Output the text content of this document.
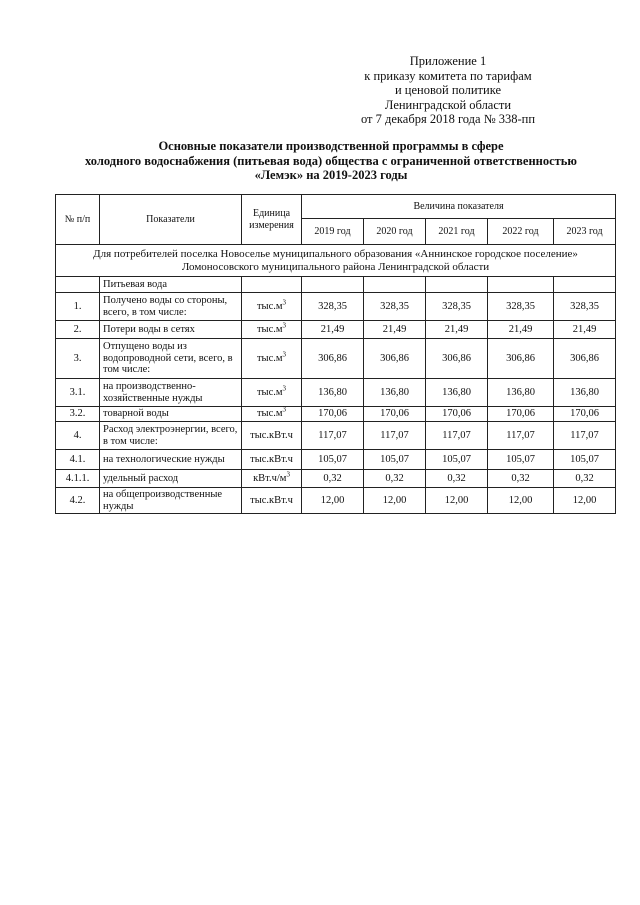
Приложение 1
к приказу комитета по тарифам
и ценовой политике
Ленинградской области
от 7 декабря 2018 года № 338-пп
Основные показатели производственной программы в сфере
холодного водоснабжения (питьевая вода) общества с ограниченной ответственностью
«Лемэк» на 2019-2023 годы
№ п/п	Показатели	Единица измерения	Величина показателя				
			2019 год	2020 год	2021 год	2022 год	2023 год
Для потребителей поселка Новоселье муниципального образования «Аннинское городское поселение» Ломоносовского муниципального района Ленинградской области							
	Питьевая вода						
1.	Получено воды со стороны, всего, в том числе:	$тыс.м^3$	328,35	328,35	328,35	328,35	328,35
2.	Потери воды в сетях	$тыс.м^3$	21,49	21,49	21,49	21,49	21,49
3.	Отпущено воды из водопроводной сети, всего, в том числе:	$тыс.м^3$	306,86	306,86	306,86	306,86	306,86
3.1.	на производственно-хозяйственные нужды	$тыс.м^3$	136,80	136,80	136,80	136,80	136,80
3.2.	товарной воды	$тыс.м^3$	170,06	170,06	170,06	170,06	170,06
4.	Расход электроэнергии, всего, в том числе:	тыс.кВт.ч	117,07	117,07	117,07	117,07	117,07
4.1.	на технологические нужды	тыс.кВт.ч	105,07	105,07	105,07	105,07	105,07
4.1.1.	удельный расход	$кВт.ч/м^3$	0,32	0,32	0,32	0,32	0,32
4.2.	на общепроизводственные нужды	тыс.кВт.ч	12,00	12,00	12,00	12,00	12,00
